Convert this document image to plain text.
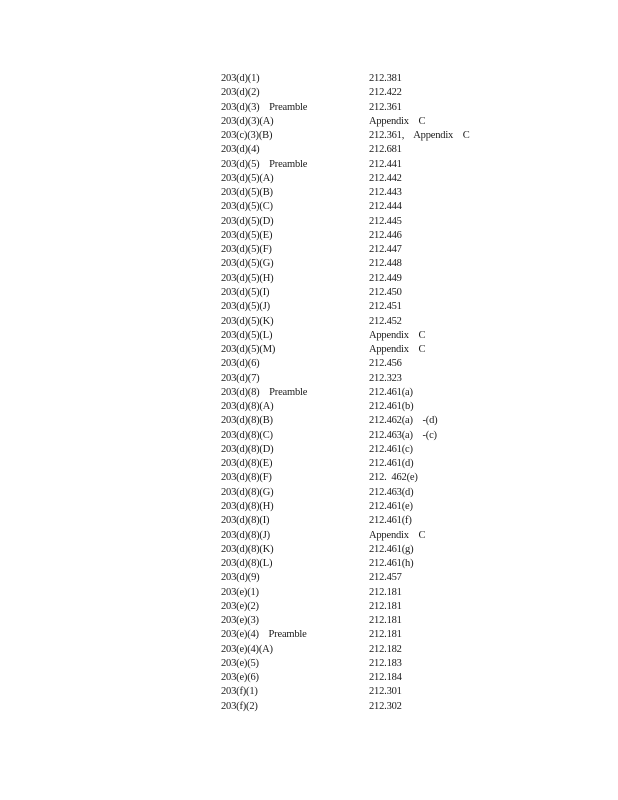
203(d)(1)	212.381
203(d)(2)	212.422
203(d)(3)    Preamble	212.361
203(d)(3)(A)	Appendix    C
203(c)(3)(B)	212.361,    Appendix    C
203(d)(4)	212.681
203(d)(5)    Preamble	212.441
203(d)(5)(A)	212.442
203(d)(5)(B)	212.443
203(d)(5)(C)	212.444
203(d)(5)(D)	212.445
203(d)(5)(E)	212.446
203(d)(5)(F)	212.447
203(d)(5)(G)	212.448
203(d)(5)(H)	212.449
203(d)(5)(I)	212.450
203(d)(5)(J)	212.451
203(d)(5)(K)	212.452
203(d)(5)(L)	Appendix    C
203(d)(5)(M)	Appendix    C
203(d)(6)	212.456
203(d)(7)	212.323
203(d)(8)    Preamble	212.461(a)
203(d)(8)(A)	212.461(b)
203(d)(8)(B)	212.462(a)    -(d)
203(d)(8)(C)	212.463(a)    -(c)
203(d)(8)(D)	212.461(c)
203(d)(8)(E)	212.461(d)
203(d)(8)(F)	212.  462(e)
203(d)(8)(G)	212.463(d)
203(d)(8)(H)	212.461(e)
203(d)(8)(I)	212.461(f)
203(d)(8)(J)	Appendix    C
203(d)(8)(K)	212.461(g)
203(d)(8)(L)	212.461(h)
203(d)(9)	212.457
203(e)(1)	212.181
203(e)(2)	212.181
203(e)(3)	212.181
203(e)(4)    Preamble	212.181
203(e)(4)(A)	212.182
203(e)(5)	212.183
203(e)(6)	212.184
203(f)(1)	212.301
203(f)(2)	212.302
